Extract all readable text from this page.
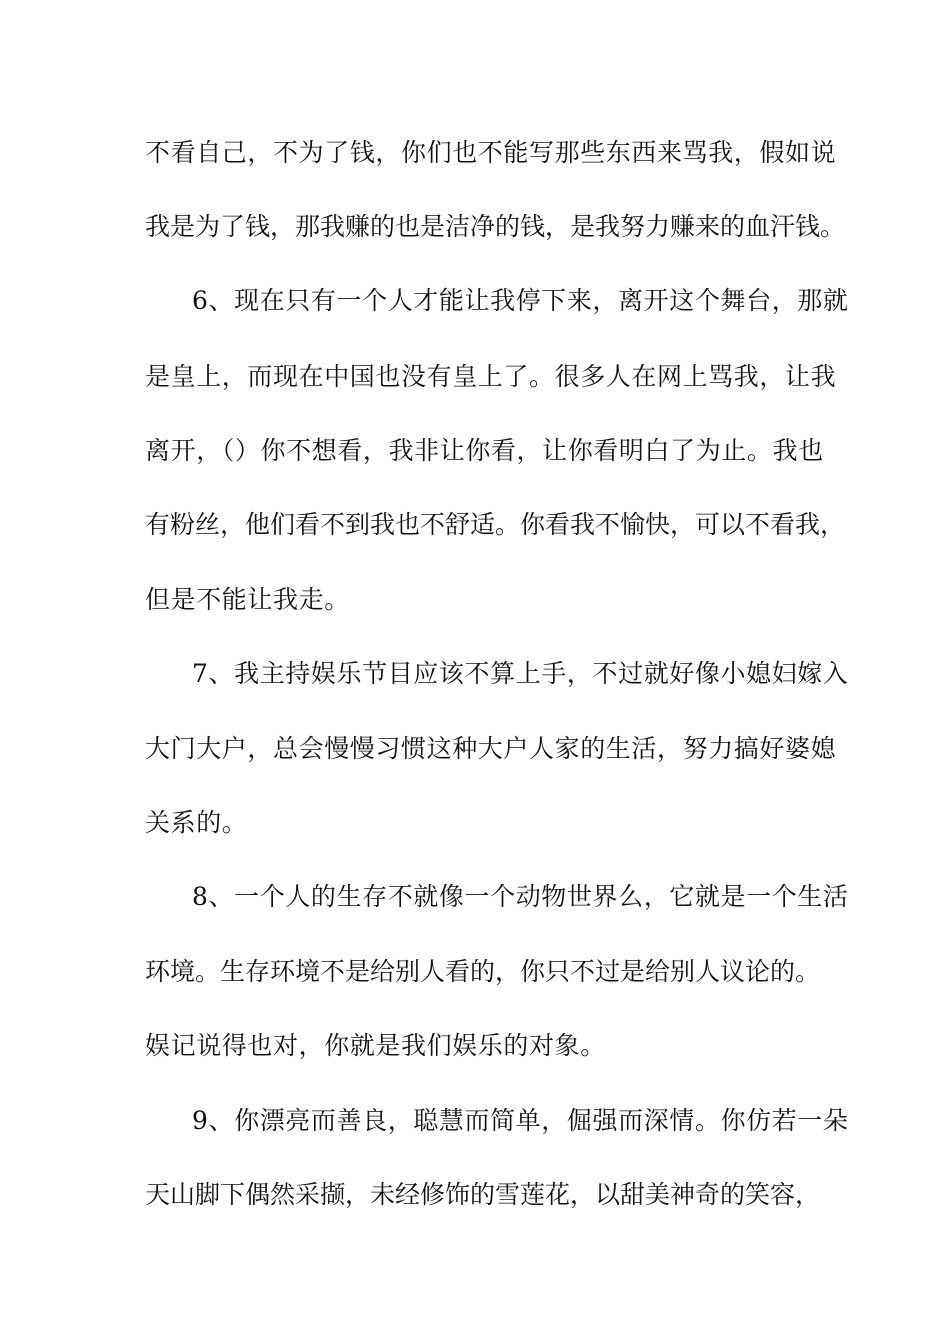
不看自己，不为了钱，你们也不能写那些东西来骂我，假如说
我是为了钱，那我赚的也是洁净的钱，是我努力赚来的血汗钱。
6、现在只有一个人才能让我停下来，离开这个舞台，那就
是皇上，而现在中国也没有皇上了。很多人在网上骂我，让我
离开，（）你不想看，我非让你看，让你看明白了为止。我也
有粉丝，他们看不到我也不舒适。你看我不愉快，可以不看我，
但是不能让我走。
7、我主持娱乐节目应该不算上手，不过就好像小媳妇嫁入
大门大户，总会慢慢习惯这种大户人家的生活，努力搞好婆媳
关系的。
8、一个人的生存不就像一个动物世界么，它就是一个生活
环境。生存环境不是给别人看的，你只不过是给别人议论的。
娱记说得也对，你就是我们娱乐的对象。
9、你漂亮而善良，聪慧而简单，倔强而深情。你仿若一朵
天山脚下偶然采撷，未经修饰的雪莲花，以甜美神奇的笑容，
